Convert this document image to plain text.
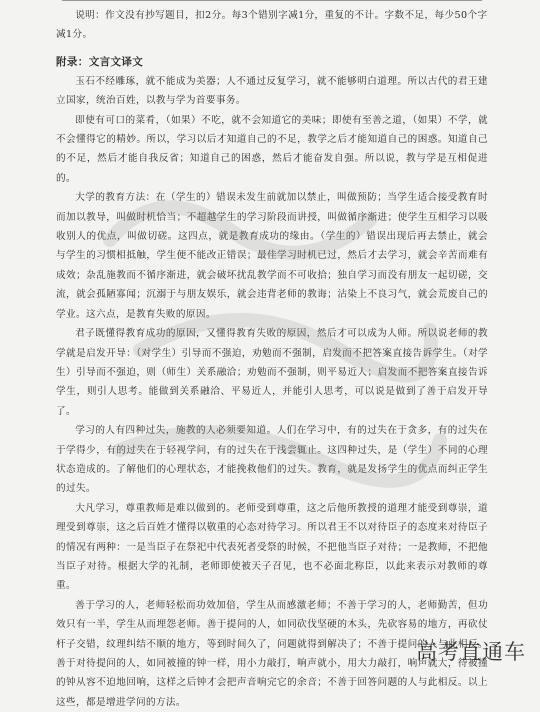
说明：作文没有抄写题目，扣2分。每3个错别字减1分，重复的不计。字数不足，每少50个字减1分。

附录：文言文译文

玉石不经雕琢，就不能成为美器；人不通过反复学习，就不能够明白道理。所以古代的君王建立国家，统治百姓，以教与学为首要事务。

即使有可口的菜肴，（如果）不吃，就不会知道它的美味；即使有至善之道，（如果）不学，就不会懂得它的精妙。所以，学习以后才知道自己的不足，教学之后才能知道自己的困惑。知道自己的不足，然后才能自我反省；知道自己的困惑，然后才能奋发自强。所以说，教与学是互相促进的。

大学的教育方法：在（学生的）错误未发生前就加以禁止，叫做预防；当学生适合接受教育时而加以教导，叫做时机恰当；不超越学生的学习阶段而讲授，叫做循序渐进；使学生互相学习以吸收别人的优点，叫做切磋。这四点，就是教育成功的缘由。（学生的）错误出现后再去禁止，就会与学生的习惯相抵触，学生便不能改正错误；最佳学习时机已过，然后才去学习，就会辛苦而难有成效；杂乱施教而不循序渐进，就会破坏扰乱教学而不可收拾；独自学习而没有朋友一起切磋，交流，就会孤陋寡闻；沉溺于与朋友娱乐，就会违背老师的教诲；沾染上不良习气，就会荒废自己的学业。这六点，是教育失败的原因。

君子既懂得教育成功的原因，又懂得教育失败的原因，然后才可以成为人师。所以说老师的教学就是启发开导：（对学生）引导而不强迫，劝勉而不强制，启发而不把答案直接告诉学生。（对学生）引导而不强迫，则（师生）关系融洽；劝勉而不强制，则平易近人；启发而不把答案直接告诉学生，则引人思考。能做到关系融洽、平易近人，并能引人思考，可以说是做到了善于启发开导了。

学习的人有四种过失，施教的人必须要知道。人们在学习中，有的过失在于贪多，有的过失在于学得少，有的过失在于轻视学问，有的过失在于浅尝辄止。这四种过失，是（学生）不同的心理状态造成的。了解他们的心理状态，才能挽救他们的过失。教育，就是发扬学生的优点而纠正学生的过失。

大凡学习，尊重教师是难以做到的。老师受到尊重，这之后他所教授的道理才能受到尊崇，道理受到尊崇，这之后百姓才懂得以敬重的心态对待学习。所以君王不以对待臣子的态度来对待臣子的情况有两种：一是当臣子在祭祀中代表死者受祭的时候，不把他当臣子对待；一是教师，不把他当臣子对待。根据大学的礼制，老师即使被天子召见，也不必面北称臣，以此来表示对教师的尊重。

善于学习的人，老师轻松而功效加倍，学生从而感激老师；不善于学习的人，老师勤苦，但功效只有一半，学生从而埋怨老师。善于提问的人，如同砍伐坚硬的木头，先砍容易的地方，再砍仗杆子交错，纹理纠结不顺的地方，等到时间久了，问题就得到解决了；不善于提问的人与此相反。善于对待提问的人，如同被撞的钟一样，用小力敲打，响声就小，用大力敲打，响声就大，待被撞的钟从容不迫地回响，这样之后钟才会把声音响完它的余音；不善于回答问题的人与此相反。以上这些，都是增进学问的方法。

高考直通车
